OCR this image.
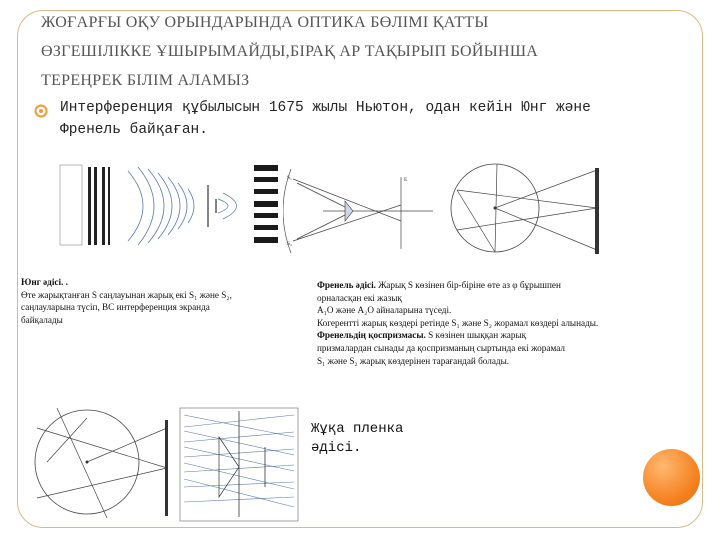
ЖОҒАРҒЫ ОҚУ ОРЫНДАРЫНДА ОПТИКА БӨЛІМІ ҚАТТЫ
ӨЗГЕШІЛІККЕ ҰШЫРЫМАЙДЫ,БІРАҚ АР ТАҚЫРЫП БОЙЫНША
ТЕРЕҢРЕК БІЛІМ АЛАМЫЗ
Интерференция құбылысын 1675 жылы Ньютон, одан кейін Юнг және
Френель байқаған.
S₁
S₂
E
Юнг әдісі. .
Өте жарықтанған S саңлауынан жарық екі S₁ және S₂,
саңлауларына түсіп, BC интерференция экранда
байқалады
Френель әдісі. Жарық S көзінен бір-біріне өте аз φ бұрышпен
орналасқан екі жазық
A₁O және A₂O айналарына түседі.
Когерентті жарық көздері ретінде S₁ және S₂ жорамал көздері алынады.
Френельдің қоспризмасы. S көзінен шыққан жарық
призмалардан сынады да қоспризманың сыртында екі жорамал
S₁ және S₂ жарық көздерінен тарағандай болады.
Жұқа пленка
әдісі.
